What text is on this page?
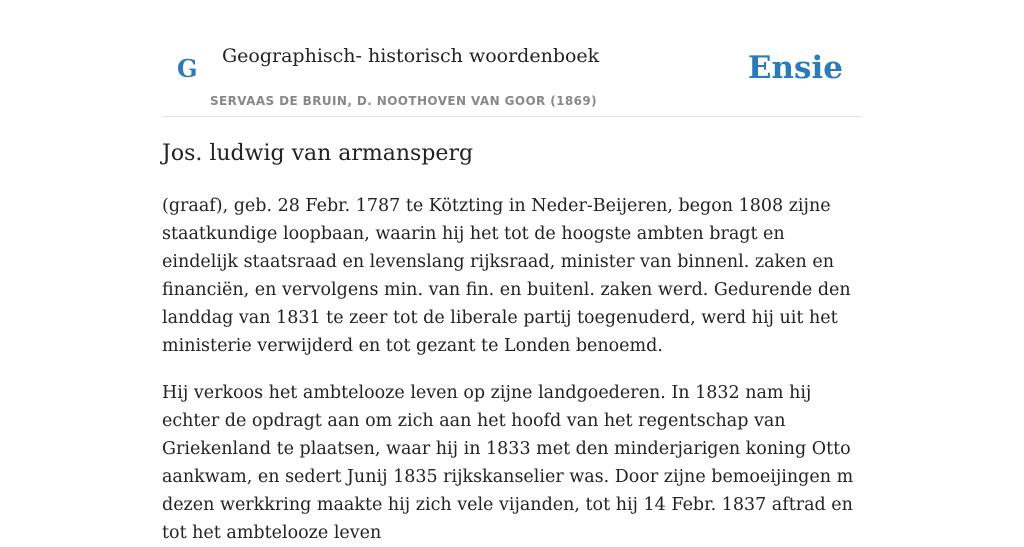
G Geographisch- historisch woordenboek
SERVAAS DE BRUIN, D. NOOTHOVEN VAN GOOR (1869)
Ensie
Jos. ludwig van armansperg

(graaf), geb. 28 Febr. 1787 te Kötzting in Neder-Beijeren, begon 1808 zijne staatkundige loopbaan, waarin hij het tot de hoogste ambten bragt en eindelijk staatsraad en levenslang rijksraad, minister van binnenl. zaken en financiën, en vervolgens min. van fin. en buitenl. zaken werd. Gedurende den landdag van 1831 te zeer tot de liberale partij toegenuderd, werd hij uit het ministerie verwijderd en tot gezant te Londen benoemd.

Hij verkoos het ambtelooze leven op zijne landgoederen. In 1832 nam hij echter de opdragt aan om zich aan het hoofd van het regentschap van Griekenland te plaatsen, waar hij in 1833 met den minderjarigen koning Otto aankwam, en sedert Junij 1835 rijkskanselier was. Door zijne bemoeijingen m dezen werkkring maakte hij zich vele vijanden, tot hij 14 Febr. 1837 aftrad en tot het ambtelooze leven
